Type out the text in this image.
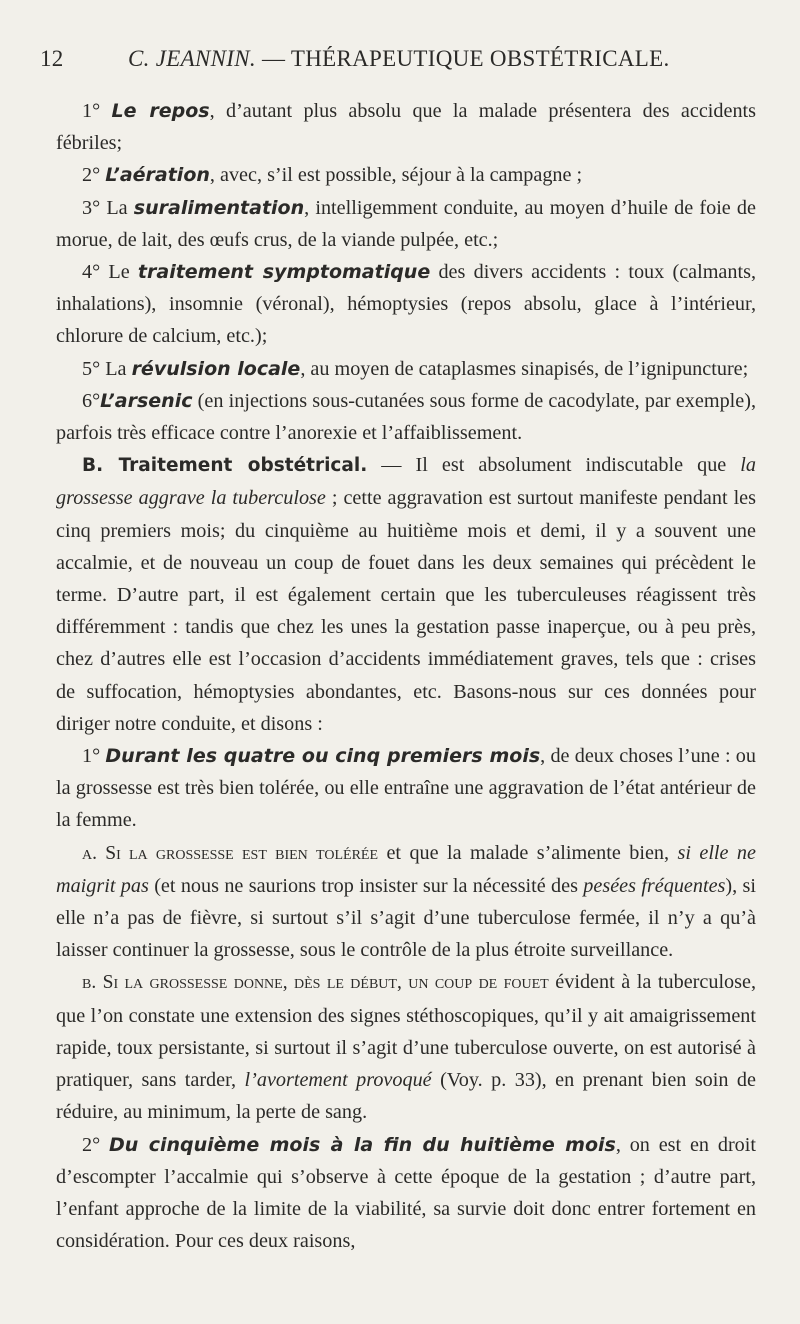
12	C. JEANNIN. — THÉRAPEUTIQUE OBSTÉTRICALE.

1° Le repos, d’autant plus absolu que la malade présentera des accidents fébriles;

2° L’aération, avec, s’il est possible, séjour à la campagne ;

3° La suralimentation, intelligemment conduite, au moyen d’huile de foie de morue, de lait, des œufs crus, de la viande pulpée, etc.;

4° Le traitement symptomatique des divers accidents : toux (calmants, inhalations), insomnie (véronal), hémoptysies (repos absolu, glace à l’intérieur, chlorure de calcium, etc.);

5° La révulsion locale, au moyen de cataplasmes sinapisés, de l’ignipuncture;

6°L’arsenic (en injections sous-cutanées sous forme de cacodylate, par exemple), parfois très efficace contre l’anorexie et l’affaiblissement.

B. Traitement obstétrical. — Il est absolument indiscutable que la grossesse aggrave la tuberculose ; cette aggravation est surtout manifeste pendant les cinq premiers mois; du cinquième au huitième mois et demi, il y a souvent une accalmie, et de nouveau un coup de fouet dans les deux semaines qui précèdent le terme. D’autre part, il est également certain que les tuberculeuses réagissent très différemment : tandis que chez les unes la gestation passe inaperçue, ou à peu près, chez d’autres elle est l’occasion d’accidents immédiatement graves, tels que : crises de suffocation, hémoptysies abondantes, etc. Basons-nous sur ces données pour diriger notre conduite, et disons :

1° Durant les quatre ou cinq premiers mois, de deux choses l’une : ou la grossesse est très bien tolérée, ou elle entraîne une aggravation de l’état antérieur de la femme.

α. Si la grossesse est bien tolérée et que la malade s’alimente bien, si elle ne maigrit pas (et nous ne saurions trop insister sur la nécessité des pesées fréquentes), si elle n’a pas de fièvre, si surtout s’il s’agit d’une tuberculose fermée, il n’y a qu’à laisser continuer la grossesse, sous le contrôle de la plus étroite surveillance.

β. Si la grossesse donne, dès le début, un coup de fouet évident à la tuberculose, que l’on constate une extension des signes stéthoscopiques, qu’il y ait amaigrissement rapide, toux persistante, si surtout il s’agit d’une tuberculose ouverte, on est autorisé à pratiquer, sans tarder, l’avortement provoqué (Voy. p. 33), en prenant bien soin de réduire, au minimum, la perte de sang.

2° Du cinquième mois à la fin du huitième mois, on est en droit d’escompter l’accalmie qui s’observe à cette époque de la gestation ; d’autre part, l’enfant approche de la limite de la viabilité, sa survie doit donc entrer fortement en considération. Pour ces deux raisons,
